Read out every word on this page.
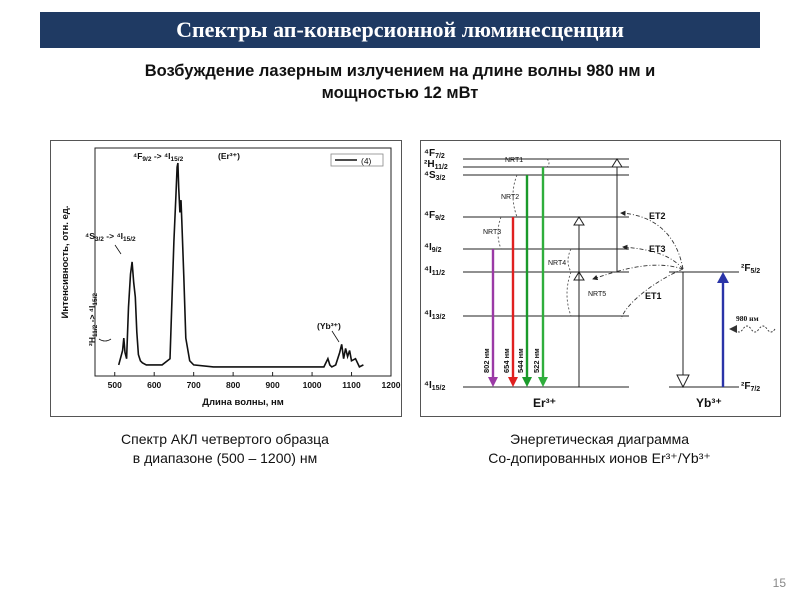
Спектры ап-конверсионной люминесценции
Возбуждение лазерным излучением на длине волны 980 нм и
мощностью 12 мВт
500	600	700	800	900	1000 1100 1200
(4)
Длина волны, нм
Интенсивность, отн. ед.
$^4F_{9/2} -> ^4I_{15/2}$	(Er³⁺)
$^4S_{3/2} -> ^4I_{15/2}$
$^2H_{11/2} -> ^4I_{15/2}$
(Yb³⁺)
Спектр АКЛ четвертого образца
в диапазоне (500 – 1200) нм
$^4F_{7/2}$
$^2H_{11/2}$
$^4S_{3/2}$
$^4F_{9/2}$
$^4I_{9/2}$
$^4I_{11/2}$
$^4I_{13/2}$
$^4I_{15/2}$
$^2F_{5/2}$
$^2F_{7/2}$
Er³⁺	Yb³⁺
802 нм 654 нм 544 нм 522 нм
NRT1
NRT2
NRT3
NRT4
NRT5
ET2
ET3
ET1
980 нм
Энергетическая диаграмма
Co-допированных ионов Er³⁺/Yb³⁺
15
